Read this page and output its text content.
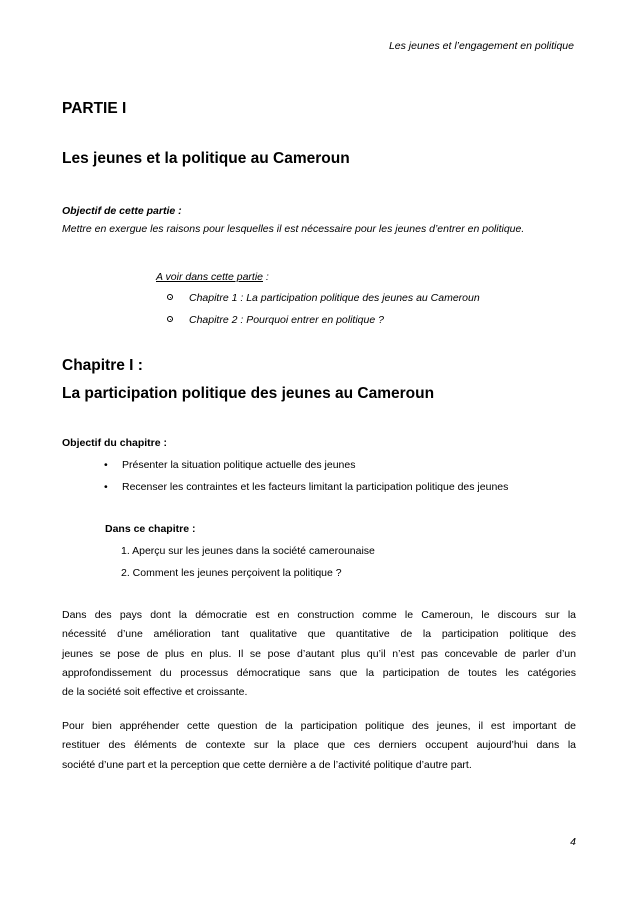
Les jeunes et l’engagement en politique
PARTIE I
Les jeunes et la politique au Cameroun
Objectif de cette partie :
Mettre en exergue les raisons pour lesquelles il est nécessaire pour les jeunes d’entrer en politique.
A voir dans cette partie :
Chapitre 1 : La participation politique des jeunes au Cameroun
Chapitre 2 : Pourquoi entrer en politique ?
Chapitre I :
La participation politique des jeunes au Cameroun
Objectif du chapitre :
• Présenter la situation politique actuelle des jeunes
• Recenser les contraintes et les facteurs limitant la participation politique des jeunes
Dans ce chapitre :
1. Aperçu sur les jeunes dans la société camerounaise
2. Comment les jeunes perçoivent la politique ?
Dans des pays dont la démocratie est en construction comme le Cameroun, le discours sur la
nécessité d’une amélioration tant qualitative que quantitative de la participation politique des
jeunes se pose de plus en plus. Il se pose d’autant plus qu’il n’est pas concevable de parler d’un
approfondissement du processus démocratique sans que la participation de toutes les catégories
de la société soit effective et croissante.
Pour bien appréhender cette question de la participation politique des jeunes, il est important de
restituer des éléments de contexte sur la place que ces derniers occupent aujourd’hui dans la
société d’une part et la perception que cette dernière a de l’activité politique d’autre part.
4
